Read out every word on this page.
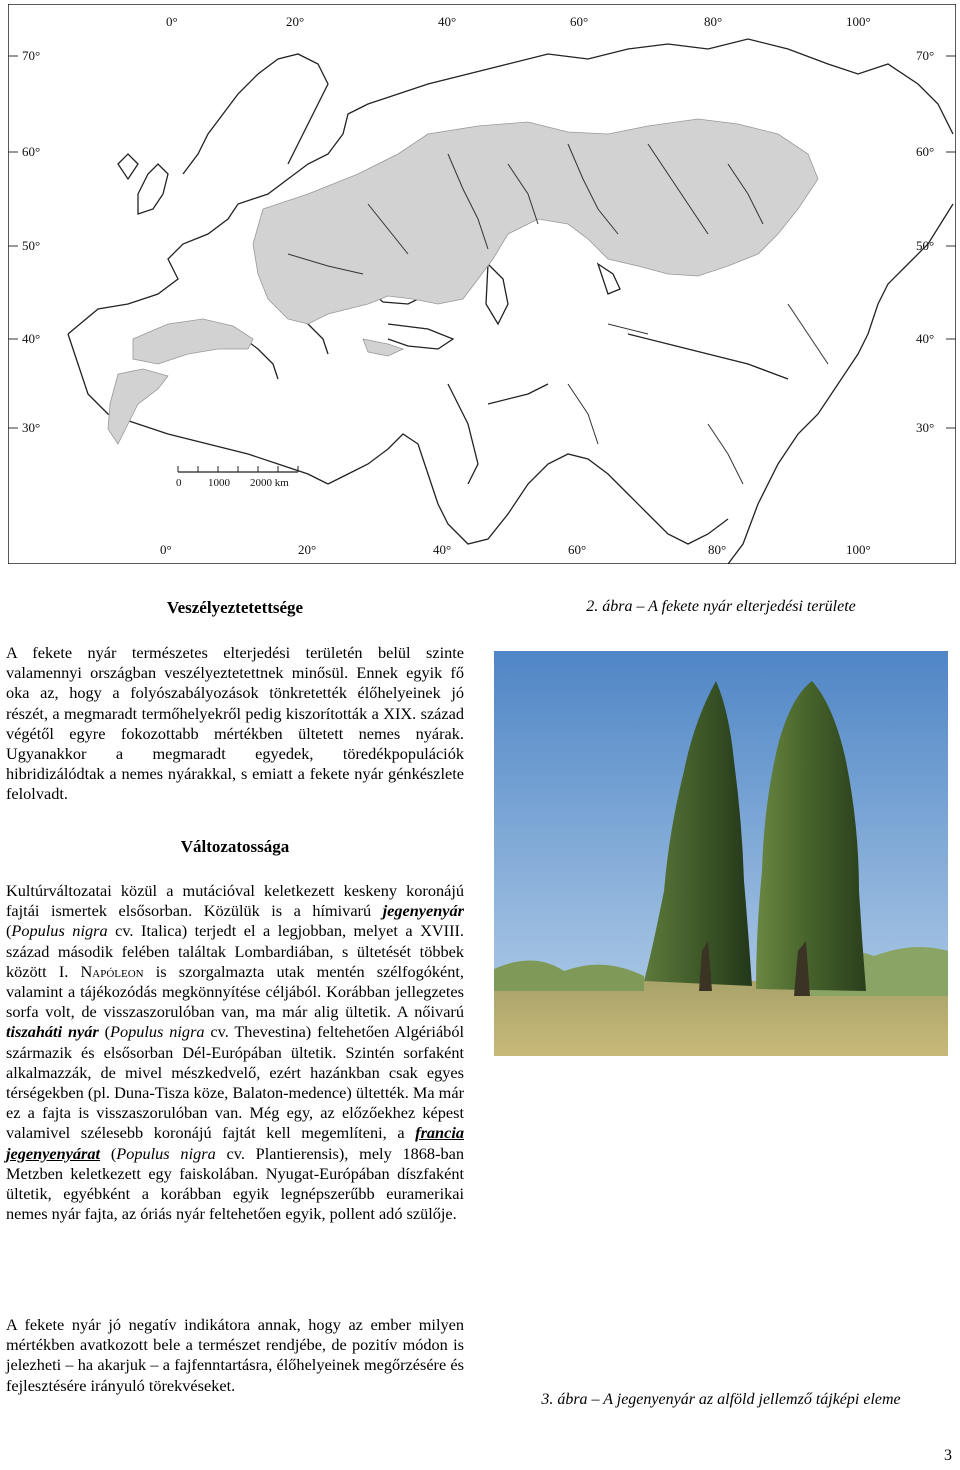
70°
60°
50°
40°
30°
70°
60°
50°
40°
30°
0°	20°	40°	60°	80°	100°
0°	20°	40°	60°	80°	100°
0 1000 2000 km
Veszélyeztetettsége	2. ábra – A fekete nyár elterjedési területe

A fekete nyár természetes elterjedési területén belül szinte valamennyi országban veszélyeztetettnek minősül. Ennek egyik fő oka az, hogy a folyószabályozások tönkretették élőhelyeinek jó részét, a megmaradt termőhelyekről pedig kiszorították a XIX. század végétől egyre fokozottabb mértékben ültetett nemes nyárak. Ugyanakkor a megmaradt egyedek, töredékpopulációk hibridizálódtak a nemes nyárakkal, s emiatt a fekete nyár génkészlete felolvadt.

Változatossága

Kultúrváltozatai közül a mutációval keletkezett keskeny koronájú fajtái ismertek elsősorban. Közülük is a hímivarú jegenyenyár (Populus nigra cv. Italica) terjedt el a legjobban, melyet a XVIII. század második felében találtak Lombardiában, s ültetését többek között I. Napóleon is szorgalmazta utak mentén szélfogóként, valamint a tájékozódás megkönnyítése céljából. Korábban jellegzetes sorfa volt, de visszaszorulóban van, ma már alig ültetik. A nőivarú tiszaháti nyár (Populus nigra cv. Thevestina) feltehetően Algériából származik és elsősorban Dél-Európában ültetik. Szintén sorfaként alkalmazzák, de mivel mészkedvelő, ezért hazánkban csak egyes térségekben (pl. Duna-Tisza köze, Balaton-medence) ültették. Ma már ez a fajta is visszaszorulóban van. Még egy, az előzőekhez képest valamivel szélesebb koronájú fajtát kell megemlíteni, a francia jegenyenyárat (Populus nigra cv. Plantierensis), mely 1868-ban Metzben keletkezett egy faiskolában. Nyugat-Európában díszfaként ültetik, egyébként a korábban egyik legnépszerűbb euramerikai nemes nyár fajta, az óriás nyár feltehetően egyik, pollent adó szülője.

A fekete nyár jó negatív indikátora annak, hogy az ember milyen mértékben avatkozott bele a természet rendjébe, de pozitív módon is jelezheti – ha akarjuk – a fajfenntartásra, élőhelyeinek megőrzésére és fejlesztésére irányuló törekvéseket.

3. ábra – A jegenyenyár az alföld jellemző tájképi eleme
3
